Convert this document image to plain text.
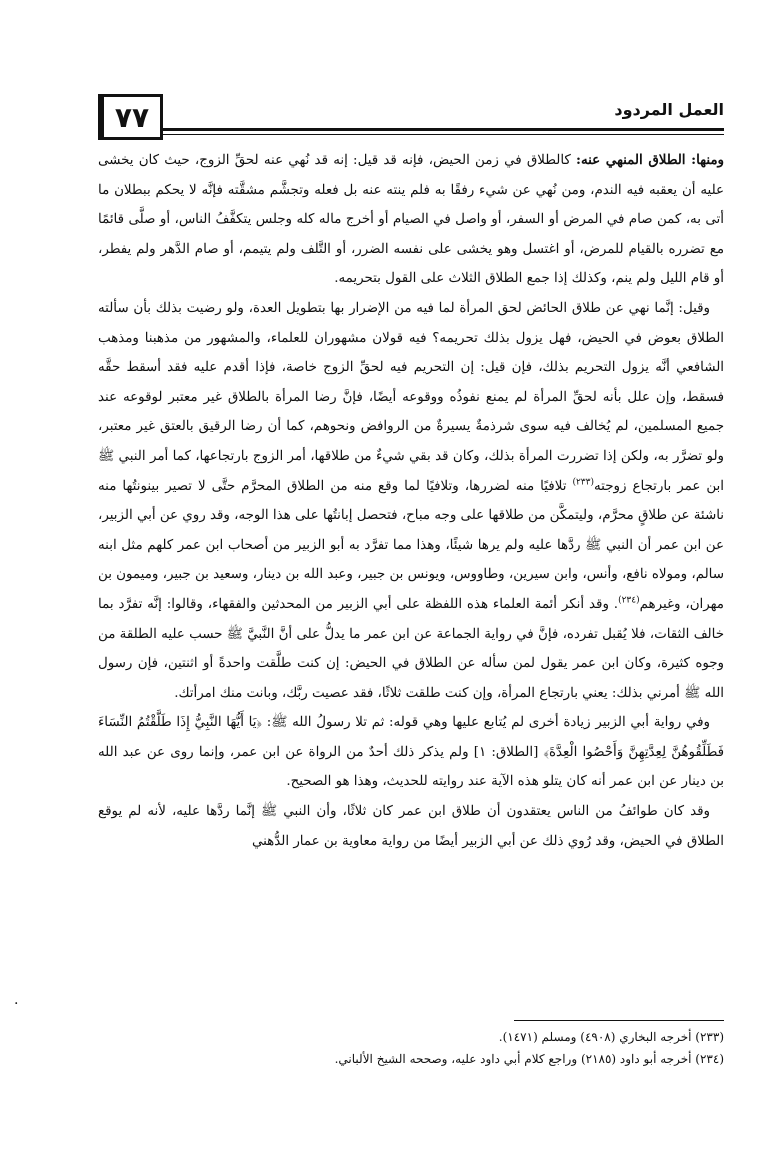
٧٧	العمل المردود

ومنها: الطلاق المنهي عنه: كالطلاق في زمن الحيض، فإنه قد قيل: إنه قد نُهي عنه لحقِّ الزوج، حيث كان يخشى عليه أن يعقبه فيه الندم، ومن نُهي عن شيء رفقًا به فلم ينته عنه بل فعله وتجشَّم مشقَّته فإنَّه لا يحكم ببطلان ما أتى به، كمن صام في المرض أو السفر، أو واصل في الصيام أو أخرج ماله كله وجلس يتكفَّفُ الناس، أو صلَّى قائمًا مع تضرره بالقيام للمرض، أو اغتسل وهو يخشى على نفسه الضرر، أو التَّلف ولم يتيمم، أو صام الدَّهر ولم يفطر، أو قام الليل ولم ينم، وكذلك إذا جمع الطلاق الثلاث على القول بتحريمه.

وقيل: إنَّما نهي عن طلاق الحائض لحق المرأة لما فيه من الإضرار بها بتطويل العدة، ولو رضيت بذلك بأن سألته الطلاق بعوض في الحيض، فهل يزول بذلك تحريمه؟ فيه قولان مشهوران للعلماء، والمشهور من مذهبنا ومذهب الشافعي أنَّه يزول التحريم بذلك، فإن قيل: إن التحريم فيه لحقِّ الزوج خاصة، فإذا أقدم عليه فقد أسقط حقَّه فسقط، وإن علل بأنه لحقِّ المرأة لم يمنع نفوذُه ووقوعه أيضًا، فإنَّ رضا المرأة بالطلاق غير معتبر لوقوعه عند جميع المسلمين، لم يُخالف فيه سوى شرذمةٌ يسيرةٌ من الروافض ونحوهم، كما أن رضا الرقيق بالعتق غير معتبر، ولو تضرَّر به، ولكن إذا تضررت المرأة بذلك، وكان قد بقي شيءٌ من طلاقها، أمر الزوج بارتجاعها، كما أمر النبي ﷺ ابن عمر بارتجاع زوجته$^{(٢٣٣)}$ تلافيًا منه لضررها، وتلافيًا لما وقع منه من الطلاق المحرَّم حتَّى لا تصير بينونتُها منه ناشئة عن طلاقٍ محرَّم، وليتمكَّن من طلاقها على وجه مباح، فتحصل إبانتُها على هذا الوجه، وقد روي عن أبي الزبير، عن ابن عمر أن النبي ﷺ ردَّها عليه ولم يرها شيئًا، وهذا مما تفرَّد به أبو الزبير من أصحاب ابن عمر كلهم مثل ابنه سالم، ومولاه نافع، وأنس، وابن سيرين، وطاووس، ويونس بن جبير، وعبد الله بن دينار، وسعيد بن جبير، وميمون بن مهران، وغيرهم$^{(٢٣٤)}$. وقد أنكر أئمة العلماء هذه اللفظة على أبي الزبير من المحدثين والفقهاء، وقالوا: إنَّه تفرَّد بما خالف الثقات، فلا يُقبل تفرده، فإنَّ في رواية الجماعة عن ابن عمر ما يدلُّ على أنَّ النَّبيَّ ﷺ حسب عليه الطلقة من وجوه كثيرة، وكان ابن عمر يقول لمن سأله عن الطلاق في الحيض: إن كنت طلَّقت واحدةً أو اثنتين، فإن رسول الله ﷺ أمرني بذلك: يعني بارتجاع المرأة، وإن كنت طلقت ثلاثًا، فقد عصيت ربَّك، وبانت منك امرأتك.

وفي رواية أبي الزبير زيادة أخرى لم يُتابع عليها وهي قوله: ثم تلا رسولُ الله ﷺ: ﴿يَا أَيُّهَا النَّبِيُّ إِذَا طَلَّقْتُمُ النِّسَاءَ فَطَلِّقُوهُنَّ لِعِدَّتِهِنَّ وَأَحْصُوا الْعِدَّةَ﴾ [الطلاق: ١] ولم يذكر ذلك أحدٌ من الرواة عن ابن عمر، وإنما روى عن عبد الله بن دينار عن ابن عمر أنه كان يتلو هذه الآية عند روايته للحديث، وهذا هو الصحيح.

وقد كان طوائفُ من الناس يعتقدون أن طلاق ابن عمر كان ثلاثًا، وأن النبي ﷺ إنَّما ردَّها عليه، لأنه لم يوقع الطلاق في الحيض، وقد رُوي ذلك عن أبي الزبير أيضًا من رواية معاوية بن عمار الدُّهني

(٢٣٣) أخرجه البخاري (٤٩٠٨) ومسلم (١٤٧١).
(٢٣٤) أخرجه أبو داود (٢١٨٥) وراجع كلام أبي داود عليه، وصححه الشيخ الألباني.
.
